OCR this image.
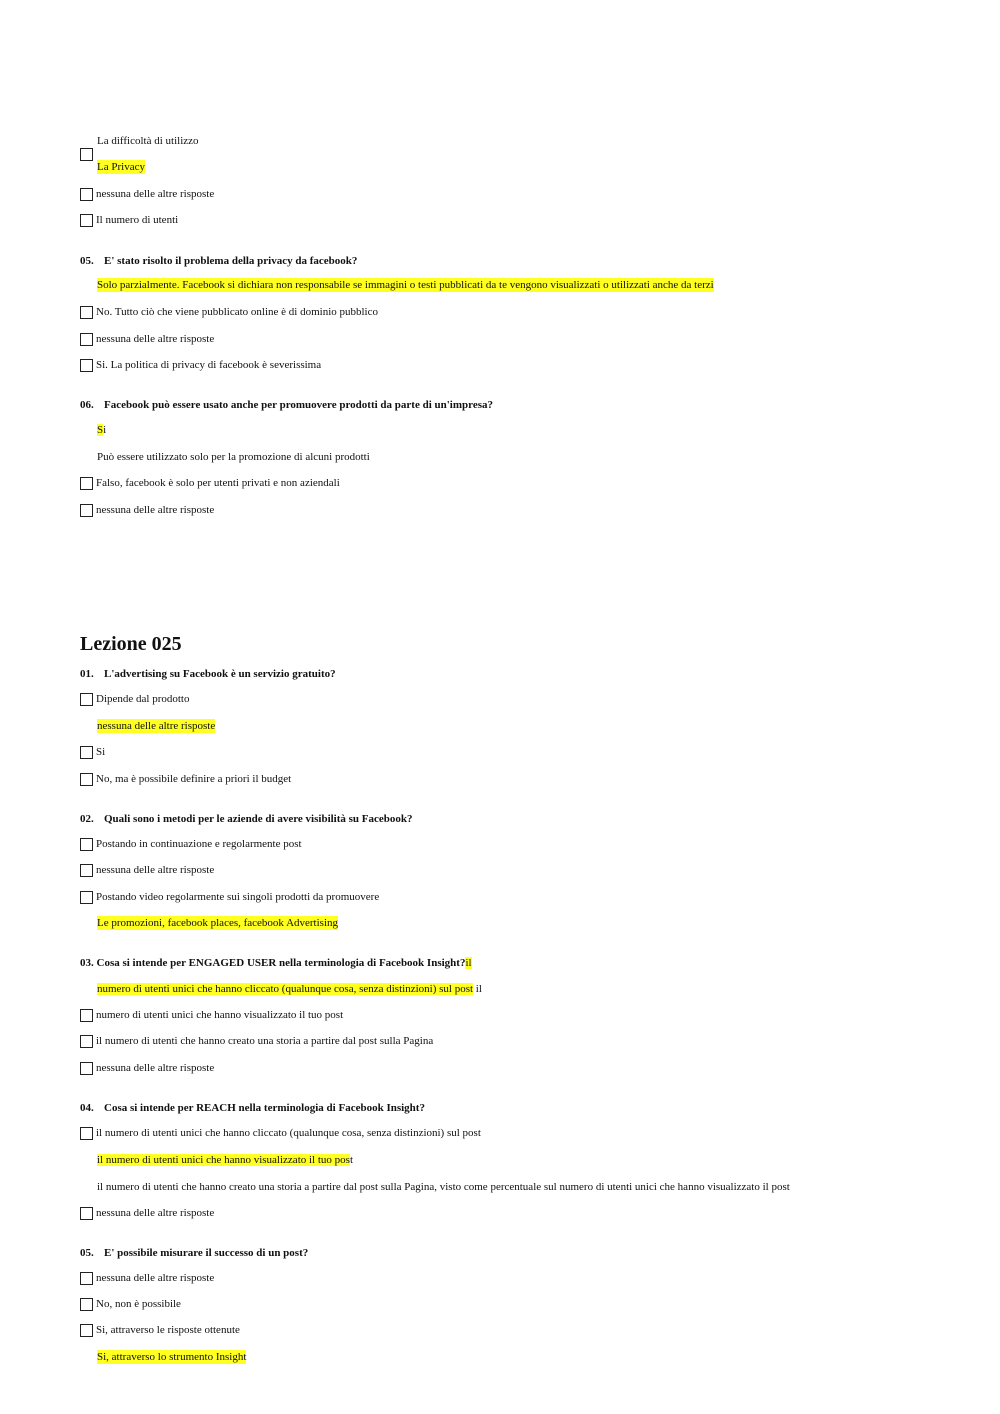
La difficoltà di utilizzo
La Privacy
nessuna delle altre risposte
Il numero di utenti
05. E' stato risolto il problema della privacy da facebook?
Solo parzialmente. Facebook si dichiara non responsabile se immagini o testi pubblicati da te vengono visualizzati o utilizzati anche da terzi
No. Tutto ciò che viene pubblicato online è di dominio pubblico
nessuna delle altre risposte
Si. La politica di privacy di facebook è severissima
06. Facebook può essere usato anche per promuovere prodotti da parte di un'impresa?
Si
Può essere utilizzato solo per la promozione di alcuni prodotti
Falso, facebook è solo per utenti privati e non aziendali
nessuna delle altre risposte
Lezione 025
01. L'advertising su Facebook è un servizio gratuito?
Dipende dal prodotto
nessuna delle altre risposte
Si
No, ma è possibile definire a priori il budget
02. Quali sono i metodi per le aziende di avere visibilità su Facebook?
Postando in continuazione e regolarmente post
nessuna delle altre risposte
Postando video regolarmente sui singoli prodotti da promuovere
Le promozioni, facebook places, facebook Advertising
03. Cosa si intende per ENGAGED USER nella terminologia di Facebook Insight?il
numero di utenti unici che hanno cliccato (qualunque cosa, senza distinzioni) sul post il
numero di utenti unici che hanno visualizzato il tuo post
il numero di utenti che hanno creato una storia a partire dal post sulla Pagina
nessuna delle altre risposte
04. Cosa si intende per REACH nella terminologia di Facebook Insight?
il numero di utenti unici che hanno cliccato (qualunque cosa, senza distinzioni) sul post
il numero di utenti unici che hanno visualizzato il tuo post
il numero di utenti che hanno creato una storia a partire dal post sulla Pagina, visto come percentuale sul numero di utenti unici che hanno visualizzato il post
nessuna delle altre risposte
05. E' possibile misurare il successo di un post?
nessuna delle altre risposte
No, non è possibile
Si, attraverso le risposte ottenute
Si, attraverso lo strumento Insight
